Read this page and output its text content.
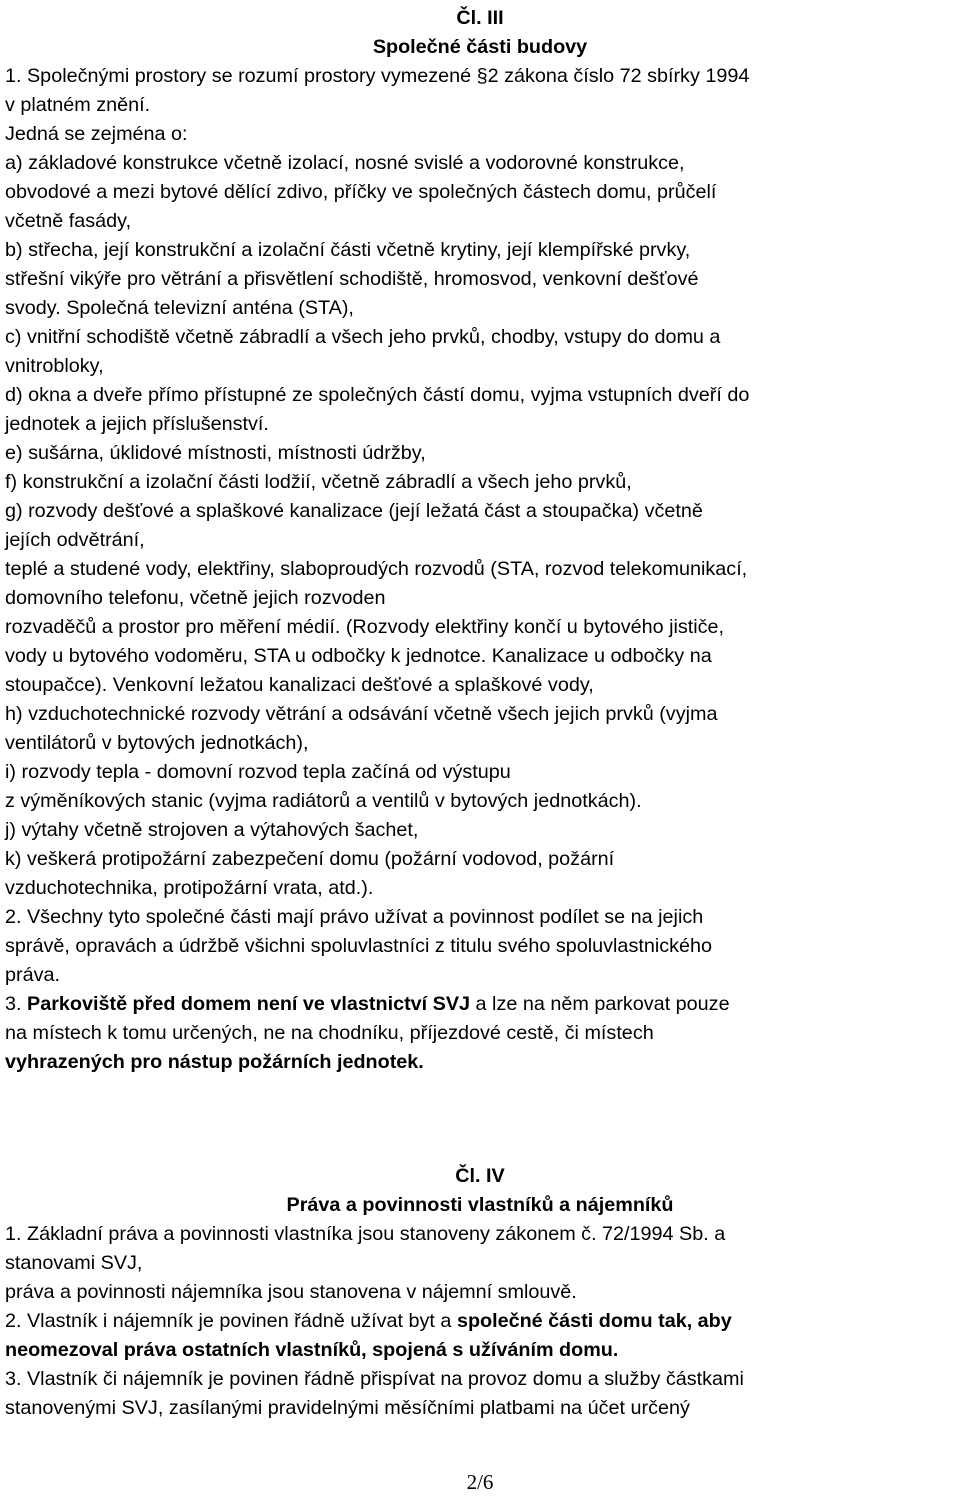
Čl. III
Společné části budovy
1. Společnými prostory se rozumí prostory vymezené §2 zákona číslo 72 sbírky 1994
v platném znění.
Jedná se zejména o:
a) základové konstrukce včetně izolací, nosné svislé a vodorovné konstrukce,
obvodové a mezi bytové dělící zdivo, příčky ve společných částech domu, průčelí
včetně fasády,
b) střecha, její konstrukční a izolační části včetně krytiny, její klempířské prvky,
střešní vikýře pro větrání a přisvětlení schodiště, hromosvod, venkovní dešťové
svody. Společná televizní anténa (STA),
c) vnitřní schodiště včetně zábradlí a všech jeho prvků, chodby, vstupy do domu a
vnitrobloky,
d) okna a dveře přímo přístupné ze společných částí domu, vyjma vstupních dveří do
jednotek a jejich příslušenství.
e) sušárna, úklidové místnosti, místnosti údržby,
f) konstrukční a izolační části lodžií, včetně zábradlí a všech jeho prvků,
g) rozvody dešťové a splaškové kanalizace (její ležatá část a stoupačka) včetně
jejích odvětrání,
teplé a studené vody, elektřiny, slaboproudých rozvodů (STA, rozvod telekomunikací,
domovního telefonu, včetně jejich rozvoden
rozvaděčů a prostor pro měření médií. (Rozvody elektřiny končí u bytového jističe,
vody u bytového vodoměru, STA u odbočky k jednotce. Kanalizace u odbočky na
stoupačce). Venkovní ležatou kanalizaci dešťové a splaškové vody,
h) vzduchotechnické rozvody větrání a odsávání včetně všech jejich prvků (vyjma
ventilátorů v bytových jednotkách),
i) rozvody tepla - domovní rozvod tepla začíná od výstupu
z výměníkových stanic (vyjma radiátorů a ventilů v bytových jednotkách).
j) výtahy včetně strojoven a výtahových šachet,
k) veškerá protipožární zabezpečení domu (požární vodovod, požární
vzduchotechnika, protipožární vrata, atd.).
2. Všechny tyto společné části mají právo užívat a povinnost podílet se na jejich
správě, opravách a údržbě všichni spoluvlastníci z titulu svého spoluvlastnického
práva.
3. Parkoviště před domem není ve vlastnictví SVJ a lze na něm parkovat pouze
na místech k tomu určených, ne na chodníku, příjezdové cestě, či místech
vyhrazených pro nástup požárních jednotek.
Čl. IV
Práva a povinnosti vlastníků a nájemníků
1. Základní práva a povinnosti vlastníka jsou stanoveny zákonem č. 72/1994 Sb. a
stanovami SVJ,
práva a povinnosti nájemníka jsou stanovena v nájemní smlouvě.
2. Vlastník i nájemník je povinen řádně užívat byt a společné části domu tak, aby
neomezoval práva ostatních vlastníků, spojená s užíváním domu.
3. Vlastník či nájemník je povinen řádně přispívat na provoz domu a služby částkami
stanovenými SVJ, zasílanými pravidelnými měsíčními platbami na účet určený
2/6
